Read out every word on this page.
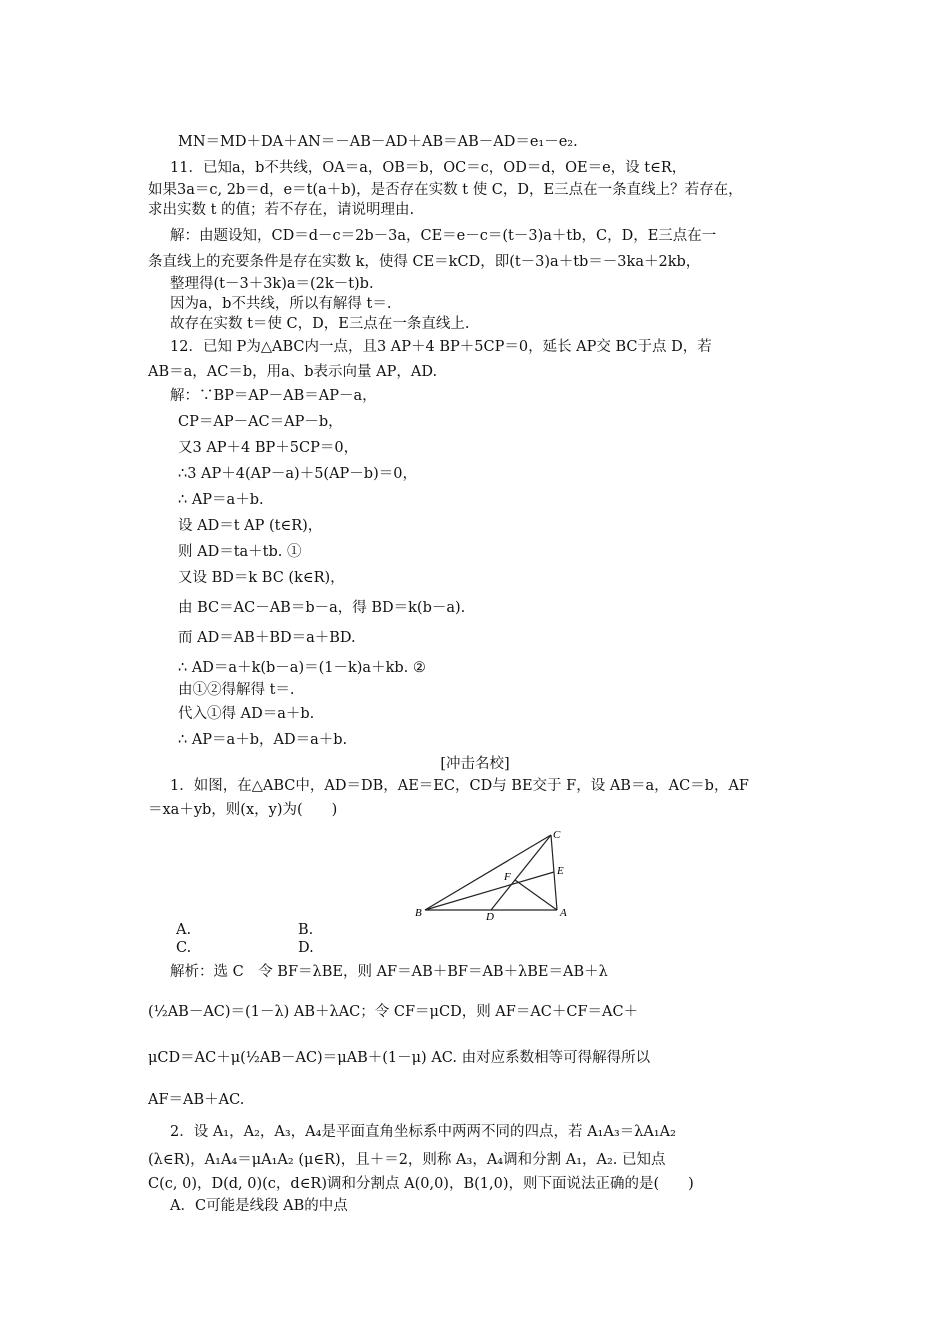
MN＝MD＋DA＋AN＝－AB－AD＋AB＝AB－AD＝e₁－e₂.
11．已知a，b不共线，OA＝a，OB＝b，OC＝c，OD＝d，OE＝e，设 t∈R，
如果3a＝c, 2b＝d，e＝t(a＋b)，是否存在实数 t 使 C，D，E三点在一条直线上？若存在，
求出实数 t 的值；若不存在，请说明理由.
解：由题设知，CD＝d－c＝2b－3a，CE＝e－c＝(t－3)a＋tb，C，D，E三点在一
条直线上的充要条件是存在实数 k，使得 CE＝kCD，即(t－3)a＋tb＝－3ka＋2kb，
整理得(t－3＋3k)a＝(2k－t)b.
因为a，b不共线，所以有解得 t＝.
故存在实数 t＝使 C，D，E三点在一条直线上.
12．已知 P为△ABC内一点，且3 AP＋4 BP＋5CP＝0，延长 AP交 BC于点 D，若
AB＝a，AC＝b，用a、b表示向量 AP，AD.
解：∵BP＝AP－AB＝AP－a，
CP＝AP－AC＝AP－b，
又3 AP＋4 BP＋5CP＝0，
∴3 AP＋4(AP－a)＋5(AP－b)＝0，
∴ AP＝a＋b.
设 AD＝t AP (t∈R)，
则 AD＝ta＋tb. ①
又设 BD＝k BC (k∈R)，
由 BC＝AC－AB＝b－a，得 BD＝k(b－a).
而 AD＝AB＋BD＝a＋BD.
∴ AD＝a＋k(b－a)＝(1－k)a＋kb. ②
由①②得解得 t＝.
代入①得 AD＝a＋b.
∴ AP＝a＋b，AD＝a＋b.
1．如图，在△ABC中，AD＝DB，AE＝EC，CD与 BE交于 F，设 AB＝a，AC＝b，AF
＝xa＋yb，则(x，y)为(　　)
解析：选 C　令 BF＝λBE，则 AF＝AB＋BF＝AB＋λBE＝AB＋λ
(½AB－AC)＝(1－λ) AB＋λAC；令 CF＝μCD，则 AF＝AC＋CF＝AC＋
μCD＝AC＋μ(½AB－AC)＝μAB＋(1－μ) AC. 由对应系数相等可得解得所以
AF＝AB＋AC.
2．设 A₁，A₂，A₃，A₄是平面直角坐标系中两两不同的四点，若 A₁A₃＝λA₁A₂
(λ∈R)，A₁A₄＝μA₁A₂ (μ∈R)，且＋＝2，则称 A₃，A₄调和分割 A₁，A₂. 已知点
C(c, 0)，D(d, 0)(c，d∈R)调和分割点 A(0,0)，B(1,0)，则下面说法正确的是(　　)
A．C可能是线段 AB的中点
[冲击名校]
B	D	A
C
E
F
A.	B.
C.	D.
